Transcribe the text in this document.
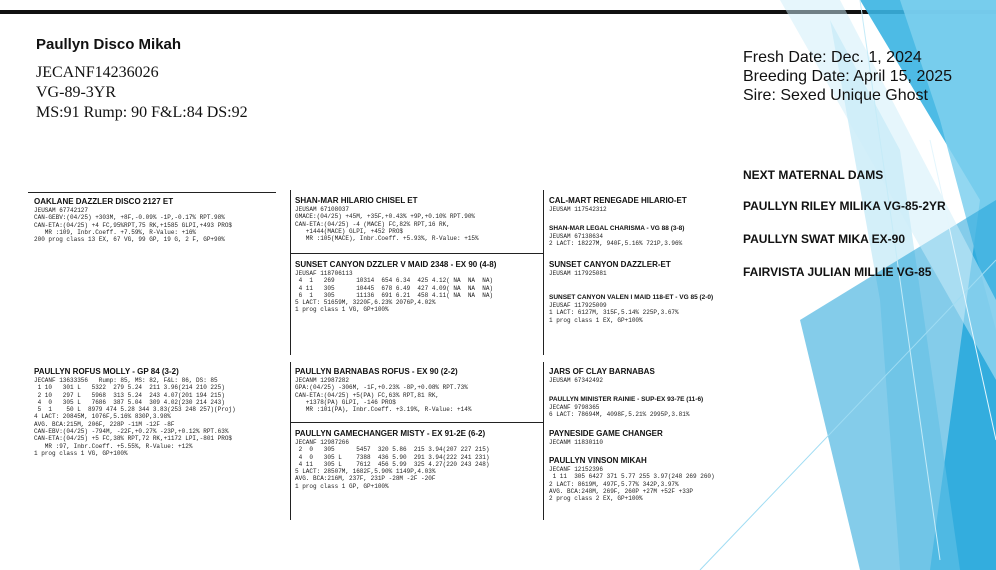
Paullyn Disco Mikah
JECANF14236026
VG-89-3YR
MS:91 Rump: 90 F&L:84 DS:92
Fresh Date: Dec. 1, 2024
Breeding Date: April 15, 2025
Sire: Sexed Unique Ghost
NEXT MATERNAL DAMS
PAULLYN RILEY MILIKA VG-85-2YR
PAULLYN SWAT MIKA EX-90
FAIRVISTA JULIAN MILLIE VG-85
OAKLANE DAZZLER DISCO 2127 ET
JEUSAM 67742127
CAN-GEBV:(04/25) +303M, +8F,-0.09% -1P,-0.17% RPT.98%
CAN-ETA:(04/25) +4 FC,95%RPT,75 RK,+1585 GLPI,+493 PRO$
MR :109, Inbr.Coeff. +7.59%, R-Value: +16%
200 prog class 13 EX, 67 VG, 99 GP, 19 G, 2 F, GP+90%
SHAN-MAR HILARIO CHISEL ET
JEUSAM 67108037
GMACE:(04/25) +45M, +35F,+0.43% +9P,+0.10% RPT.90%
CAN-ETA:(04/25) -4 (MACE) FC,82% RPT,16 RK,
+1444(MACE) GLPI, +452 PRO$
MR :105(MACE), Inbr.Coeff. +5.93%, R-Value: +15%
SUNSET CANYON DZZLER V MAID 2348 - EX 90 (4-8)
JEUSAF 118706113
4  1   269      10314  654 6.34  425 4.12( NA  NA  NA)
4 11   305      10445  678 6.49  427 4.09( NA  NA  NA)
6  1   305      11136  691 6.21  458 4.11( NA  NA  NA)
5 LACT: 51659M, 3220F,6.23% 2076P,4.02%
1 prog class 1 VG, GP+100%
CAL-MART RENEGADE HILARIO-ET
JEUSAM 117542312
SHAN-MAR LEGAL CHARISMA - VG 88 (3-8)
JEUSAM 67138634
2 LACT: 18227M, 940F,5.16% 721P,3.96%
SUNSET CANYON DAZZLER-ET
JEUSAM 117925081
SUNSET CANYON VALEN I MAID 118-ET - VG 85 (2-0)
JEUSAF 117925009
1 LACT: 6127M, 315F,5.14% 225P,3.67%
1 prog class 1 EX, GP+100%
PAULLYN ROFUS MOLLY - GP 84 (3-2)
JECANF 13633356   Rump: 85, MS: 82, F&L: 86, DS: 85
1 10   301 L   5322  279 5.24  211 3.96(214 210 225)
2 10   297 L   5968  313 5.24  243 4.07(201 194 215)
4  0   305 L   7686  387 5.04  309 4.02(230 214 243)
5  1    50 L  8979 474 5.28 344 3.83(253 248 257)(Proj)
4 LACT: 20845M, 1076F,5.16% 830P,3.98%
AVG. BCA:215M, 206F, 228P -11M -12F -8F
CAN-EBV:(04/25) -794M, -22F,+0.27% -23P,+0.12% RPT.63%
CAN-ETA:(04/25) +5 FC,38% RPT,72 RK,+1172 LPI,-801 PRO$
MR :97, Inbr.Coeff. +5.55%, R-Value: +12%
1 prog class 1 VG, GP+100%
PAULLYN BARNABAS ROFUS - EX 90 (2-2)
JECANM 12987282
GPA:(04/25) -306M, -1F,+0.23% -8P,+0.08% RPT.73%
CAN-ETA:(04/25) +5(PA) FC,63% RPT,81 RK,
+1378(PA) GLPI, -146 PRO$
MR :101(PA), Inbr.Coeff. +3.19%, R-Value: +14%
PAULLYN GAMECHANGER MISTY - EX 91-2E (6-2)
JECANF 12987266
2  0   305      5457  320 5.86  215 3.94(207 227 215)
4  0   305 L    7388  436 5.90  291 3.94(222 241 231)
4 11   305 L    7612  456 5.99  325 4.27(220 243 248)
5 LACT: 28507M, 1682F,5.90% 1149P,4.03%
AVG. BCA:216M, 237F, 231P -28M -2F -20F
1 prog class 1 GP, GP+100%
JARS OF CLAY BARNABAS
JEUSAM 67342492
PAULLYN MINISTER RAINIE - SUP-EX 93-7E (11-6)
JECANF 9798365
6 LACT: 78694M, 4098F,5.21% 2995P,3.81%
PAYNESIDE GAME CHANGER
JECANM 11830110
PAULLYN VINSON MIKAH
JECANF 12152396
1 11  305 6427 371 5.77 255 3.97(248 269 260)
2 LACT: 8619M, 497F,5.77% 342P,3.97%
AVG. BCA:248M, 269F, 260P +27M +52F +33P
2 prog class 2 EX, GP+100%
